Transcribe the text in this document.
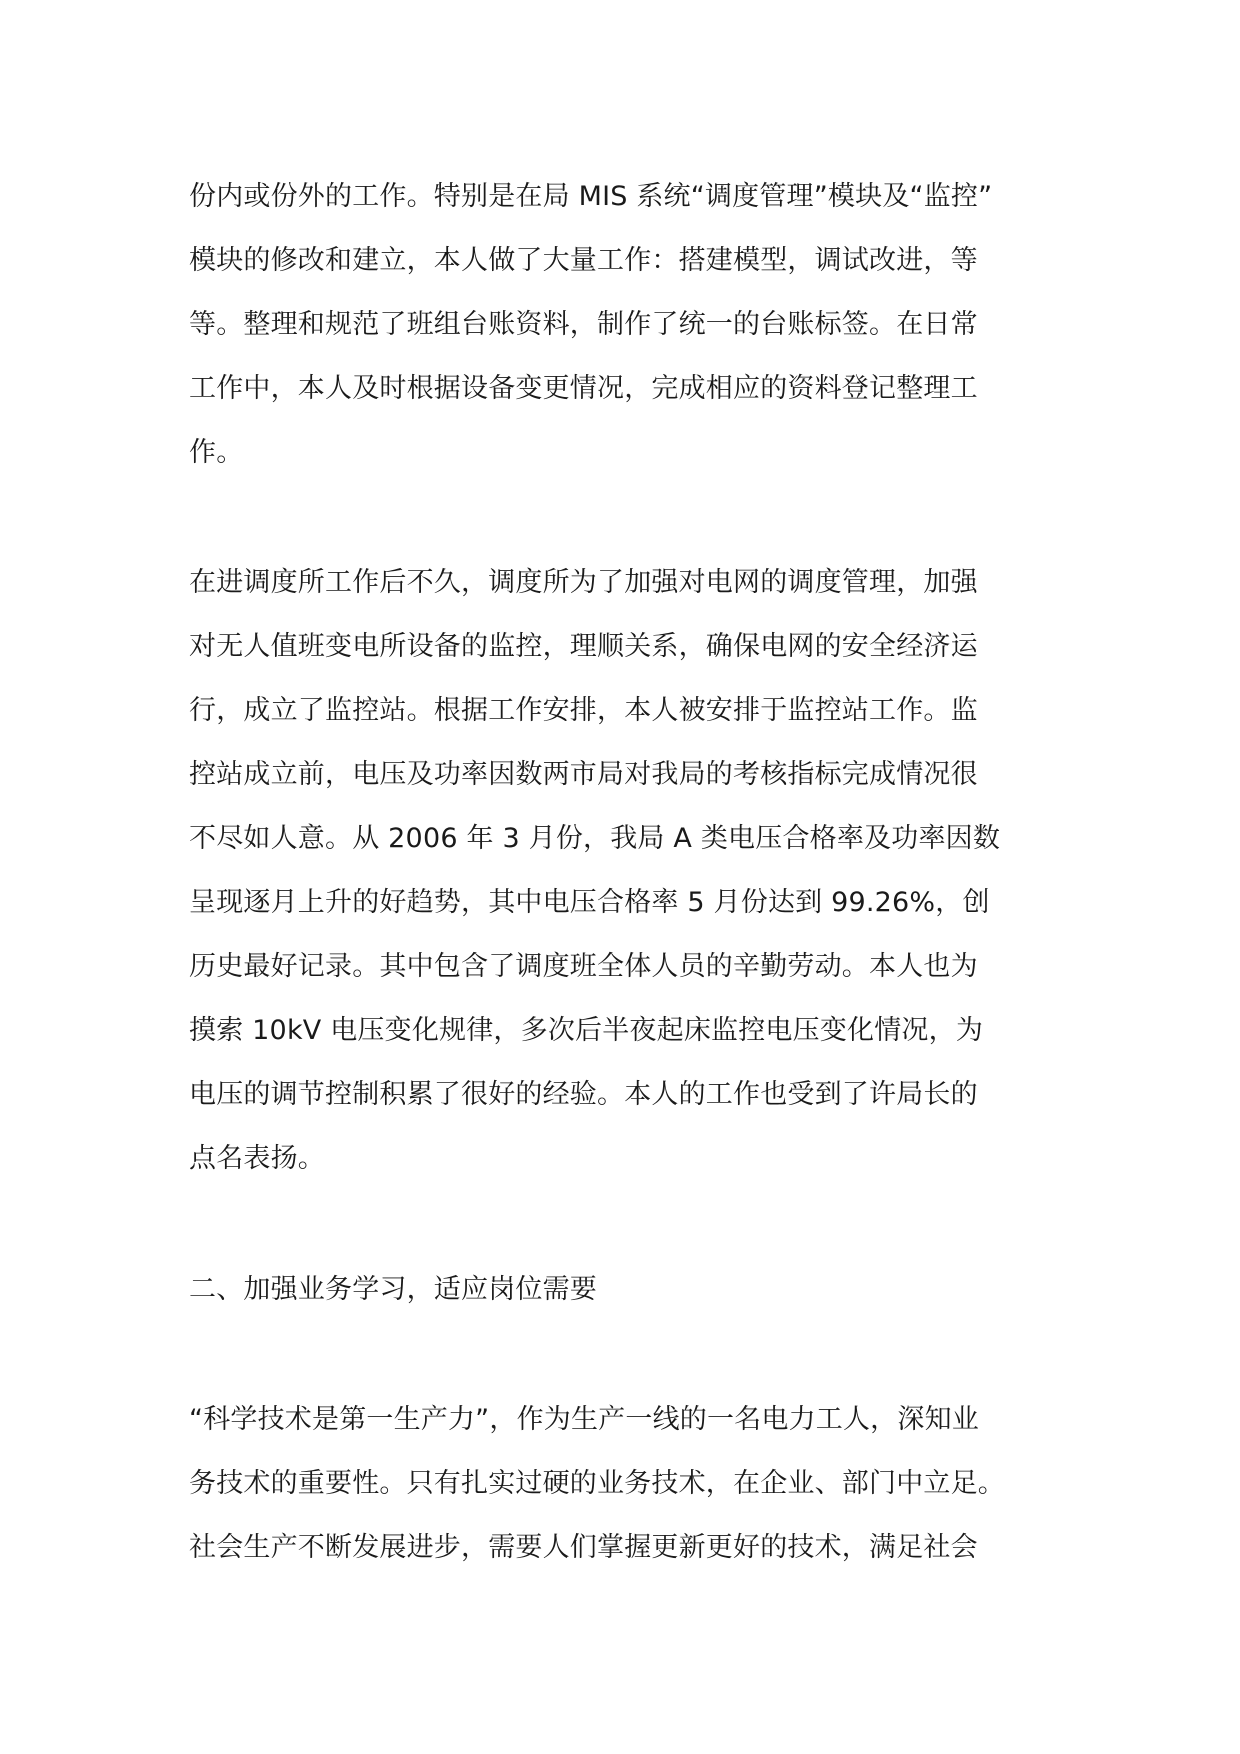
份内或份外的工作。特别是在局 MIS 系统“调度管理”模块及“监控”

模块的修改和建立，本人做了大量工作：搭建模型，调试改进，等

等。整理和规范了班组台账资料，制作了统一的台账标签。在日常

工作中，本人及时根据设备变更情况，完成相应的资料登记整理工

作。

在进调度所工作后不久，调度所为了加强对电网的调度管理，加强

对无人值班变电所设备的监控，理顺关系，确保电网的安全经济运

行，成立了监控站。根据工作安排，本人被安排于监控站工作。监

控站成立前，电压及功率因数两市局对我局的考核指标完成情况很

不尽如人意。从 2006 年 3 月份，我局 A 类电压合格率及功率因数

呈现逐月上升的好趋势，其中电压合格率 5 月份达到 99.26%，创

历史最好记录。其中包含了调度班全体人员的辛勤劳动。本人也为

摸索 10kV 电压变化规律，多次后半夜起床监控电压变化情况，为

电压的调节控制积累了很好的经验。本人的工作也受到了许局长的

点名表扬。

二、加强业务学习，适应岗位需要

“科学技术是第一生产力”，作为生产一线的一名电力工人，深知业

务技术的重要性。只有扎实过硬的业务技术，在企业、部门中立足。

社会生产不断发展进步，需要人们掌握更新更好的技术，满足社会
